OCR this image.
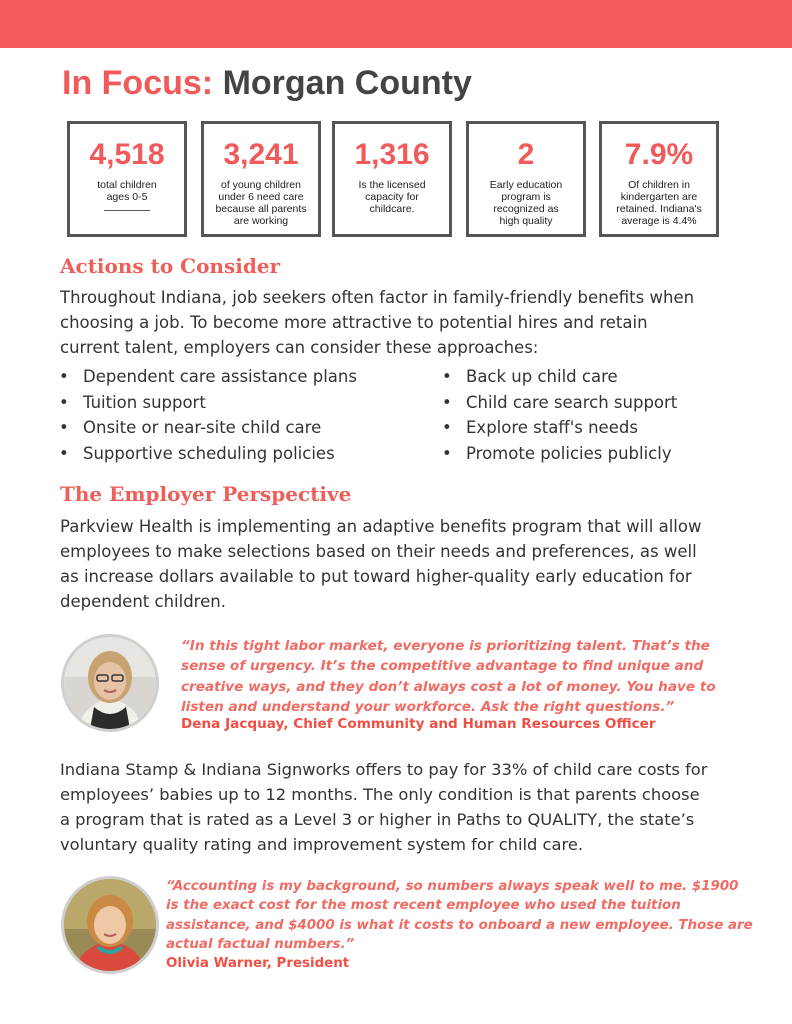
In Focus: Morgan County
4,518
total children
ages 0-5
3,241
of young children
under 6 need care
because all parents
are working
1,316
Is the licensed
capacity for
childcare.
2
Early education
program is
recognized as
high quality
7.9%
Of children in
kindergarten are
retained. Indiana's
average is 4.4%
Actions to Consider
Throughout Indiana, job seekers often factor in family-friendly benefits when
choosing a job. To become more attractive to potential hires and retain
current talent, employers can consider these approaches:
• Dependent care assistance plans
• Tuition support
• Onsite or near-site child care
• Supportive scheduling policies
• Back up child care
• Child care search support
• Explore staff's needs
• Promote policies publicly
The Employer Perspective
Parkview Health is implementing an adaptive benefits program that will allow
employees to make selections based on their needs and preferences, as well
as increase dollars available to put toward higher-quality early education for
dependent children.
“In this tight labor market, everyone is prioritizing talent. That’s the
sense of urgency. It’s the competitive advantage to find unique and
creative ways, and they don’t always cost a lot of money. You have to
listen and understand your workforce. Ask the right questions.”
Dena Jacquay, Chief Community and Human Resources Officer
Indiana Stamp & Indiana Signworks offers to pay for 33% of child care costs for
employees’ babies up to 12 months. The only condition is that parents choose
a program that is rated as a Level 3 or higher in Paths to QUALITY, the state’s
voluntary quality rating and improvement system for child care.
“Accounting is my background, so numbers always speak well to me. $1900
is the exact cost for the most recent employee who used the tuition
assistance, and $4000 is what it costs to onboard a new employee. Those are
actual factual numbers.”
Olivia Warner, President
